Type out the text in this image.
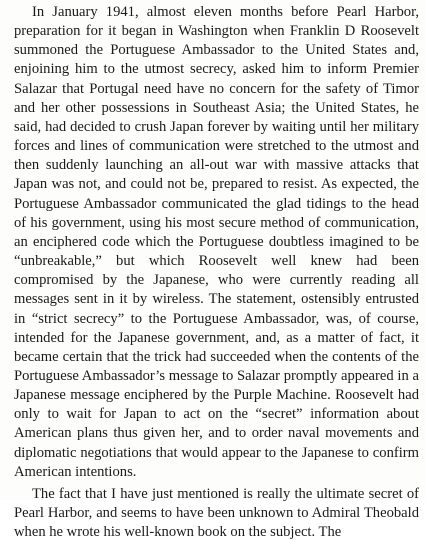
In January 1941, almost eleven months before Pearl Harbor, preparation for it began in Washington when Franklin D Roosevelt summoned the Portuguese Ambassador to the United States and, enjoining him to the utmost secrecy, asked him to inform Premier Salazar that Portugal need have no concern for the safety of Timor and her other possessions in Southeast Asia; the United States, he said, had decided to crush Japan forever by waiting until her military forces and lines of communication were stretched to the utmost and then suddenly launching an all-out war with massive attacks that Japan was not, and could not be, prepared to resist. As expected, the Portuguese Ambassador communicated the glad tidings to the head of his government, using his most secure method of communication, an enciphered code which the Portuguese doubtless imagined to be “unbreakable,” but which Roosevelt well knew had been compromised by the Japanese, who were currently reading all messages sent in it by wireless. The statement, ostensibly entrusted in “strict secrecy” to the Portuguese Ambassador, was, of course, intended for the Japanese government, and, as a matter of fact, it became certain that the trick had succeeded when the contents of the Portuguese Ambassador’s message to Salazar promptly appeared in a Japanese message enciphered by the Purple Machine. Roosevelt had only to wait for Japan to act on the “secret” information about American plans thus given her, and to order naval movements and diplomatic negotiations that would appear to the Japanese to confirm American intentions.

The fact that I have just mentioned is really the ultimate secret of Pearl Harbor, and seems to have been unknown to Admiral Theobald when he wrote his well-known book on the subject. The
